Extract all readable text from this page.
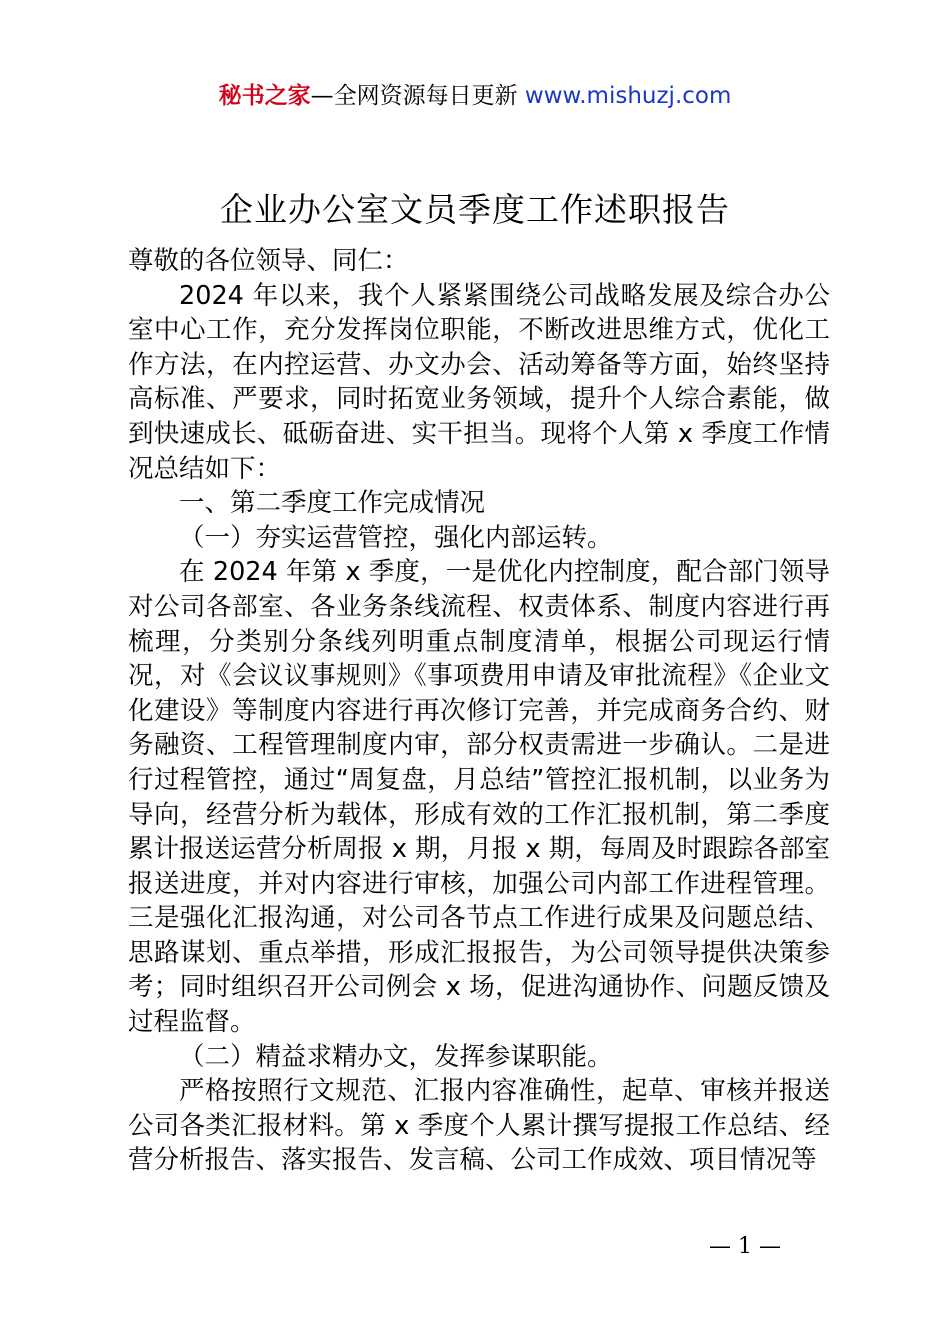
秘书之家—全网资源每日更新 www.mishuzj.com
企业办公室文员季度工作述职报告

尊敬的各位领导、同仁：

2024 年以来，我个人紧紧围绕公司战略发展及综合办公室中心工作，充分发挥岗位职能，不断改进思维方式，优化工作方法，在内控运营、办文办会、活动筹备等方面，始终坚持高标准、严要求，同时拓宽业务领域，提升个人综合素能，做到快速成长、砥砺奋进、实干担当。现将个人第 x 季度工作情况总结如下：

一、第二季度工作完成情况

（一）夯实运营管控，强化内部运转。

在 2024 年第 x 季度，一是优化内控制度，配合部门领导对公司各部室、各业务条线流程、权责体系、制度内容进行再梳理，分类别分条线列明重点制度清单，根据公司现运行情况，对《会议议事规则》《事项费用申请及审批流程》《企业文化建设》等制度内容进行再次修订完善，并完成商务合约、财务融资、工程管理制度内审，部分权责需进一步确认。二是进行过程管控，通过“周复盘，月总结”管控汇报机制，以业务为导向，经营分析为载体，形成有效的工作汇报机制，第二季度累计报送运营分析周报 x 期，月报 x 期，每周及时跟踪各部室报送进度，并对内容进行审核，加强公司内部工作进程管理。三是强化汇报沟通，对公司各节点工作进行成果及问题总结、思路谋划、重点举措，形成汇报报告，为公司领导提供决策参考；同时组织召开公司例会 x 场，促进沟通协作、问题反馈及过程监督。

（二）精益求精办文，发挥参谋职能。

严格按照行文规范、汇报内容准确性，起草、审核并报送公司各类汇报材料。第 x 季度个人累计撰写提报工作总结、经营分析报告、落实报告、发言稿、公司工作成效、项目情况等

— 1 —
